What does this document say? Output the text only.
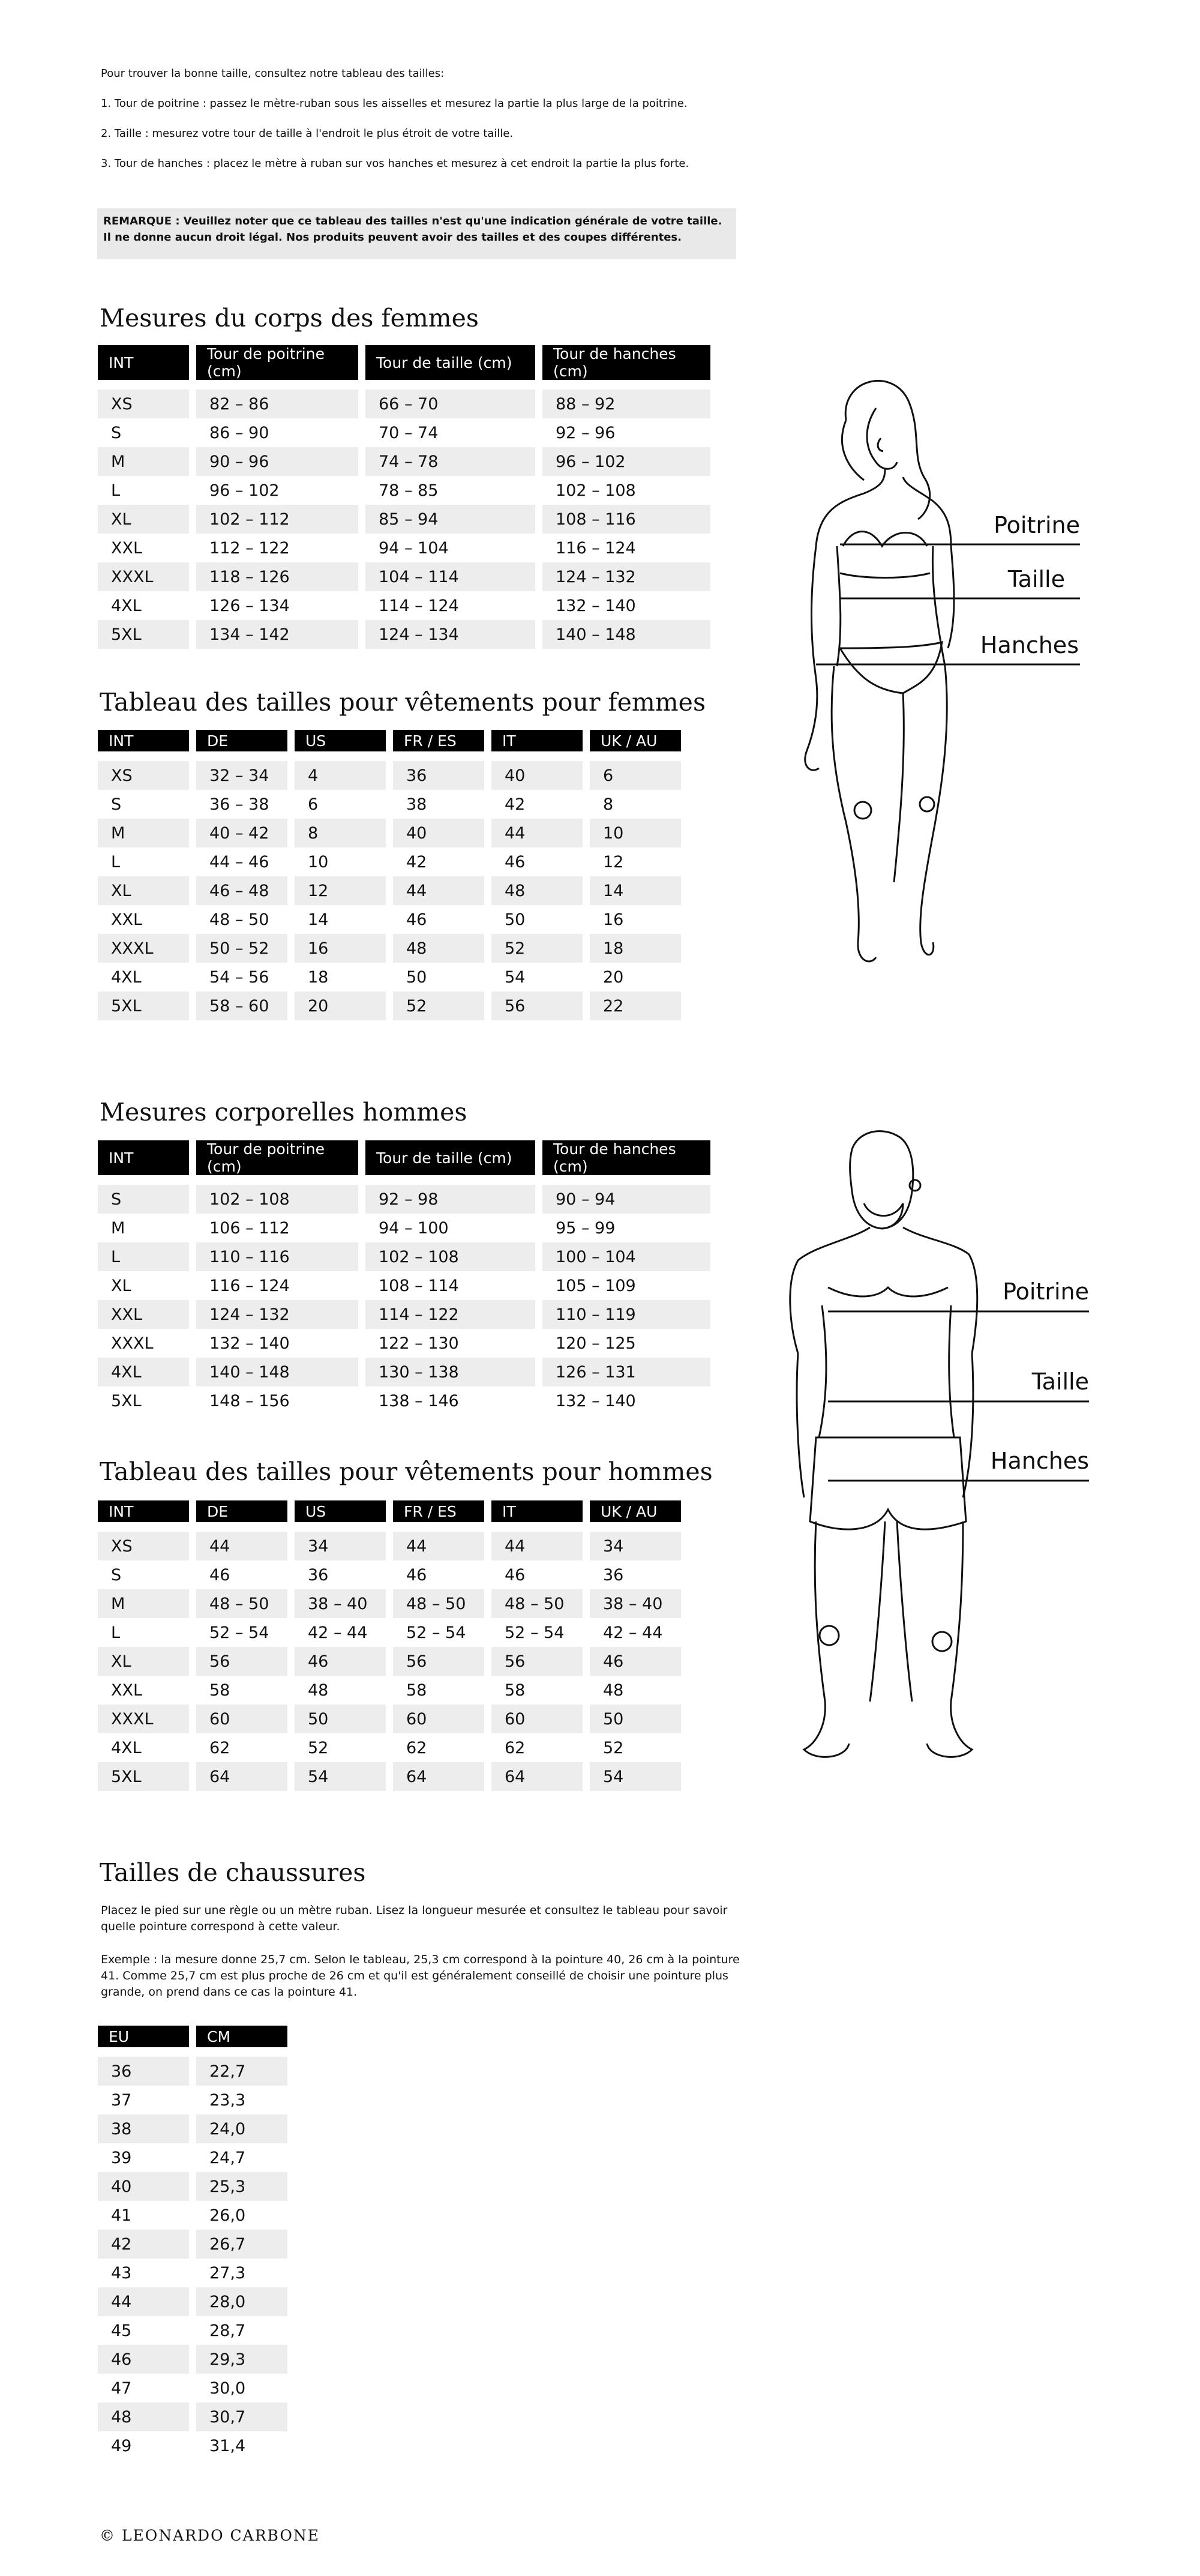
Pour trouver la bonne taille, consultez notre tableau des tailles:

1. Tour de poitrine : passez le mètre-ruban sous les aisselles et mesurez la partie la plus large de la poitrine.

2. Taille : mesurez votre tour de taille à l'endroit le plus étroit de votre taille.

3. Tour de hanches : placez le mètre à ruban sur vos hanches et mesurez à cet endroit la partie la plus forte.

REMARQUE : Veuillez noter que ce tableau des tailles n'est qu'une indication générale de votre taille. Il ne donne aucun droit légal. Nos produits peuvent avoir des tailles et des coupes différentes.
Mesures du corps des femmes
INT	Tour de poitrine (cm)	Tour de taille (cm)	Tour de hanches (cm)
XS	82 – 86	66 – 70	88 – 92
S	86 – 90	70 – 74	92 – 96
M	90 – 96	74 – 78	96 – 102
L	96 – 102	78 – 85	102 – 108
XL	102 – 112	85 – 94	108 – 116
XXL	112 – 122	94 – 104	116 – 124
XXXL	118 – 126	104 – 114	124 – 132
4XL	126 – 134	114 – 124	132 – 140
5XL	134 – 142	124 – 134	140 – 148
Tableau des tailles pour vêtements pour femmes
INT	DE	US	FR / ES	IT	UK / AU
XS	32 – 34	4	36	40	6
S	36 – 38	6	38	42	8
M	40 – 42	8	40	44	10
L	44 – 46	10	42	46	12
XL	46 – 48	12	44	48	14
XXL	48 – 50	14	46	50	16
XXXL	50 – 52	16	48	52	18
4XL	54 – 56	18	50	54	20
5XL	58 – 60	20	52	56	22
Mesures corporelles hommes
INT	Tour de poitrine (cm)	Tour de taille (cm)	Tour de hanches (cm)
S	102 – 108	92 – 98	90 – 94
M	106 – 112	94 – 100	95 – 99
L	110 – 116	102 – 108	100 – 104
XL	116 – 124	108 – 114	105 – 109
XXL	124 – 132	114 – 122	110 – 119
XXXL	132 – 140	122 – 130	120 – 125
4XL	140 – 148	130 – 138	126 – 131
5XL	148 – 156	138 – 146	132 – 140
Tableau des tailles pour vêtements pour hommes
INT	DE	US	FR / ES	IT	UK / AU
XS	44	34	44	44	34
S	46	36	46	46	36
M	48 – 50	38 – 40	48 – 50	48 – 50	38 – 40
L	52 – 54	42 – 44	52 – 54	52 – 54	42 – 44
XL	56	46	56	56	46
XXL	58	48	58	58	48
XXXL	60	50	60	60	50
4XL	62	52	62	62	52
5XL	64	54	64	64	54
Tailles de chaussures

Placez le pied sur une règle ou un mètre ruban. Lisez la longueur mesurée et consultez le tableau pour savoir quelle pointure correspond à cette valeur.

Exemple : la mesure donne 25,7 cm. Selon le tableau, 25,3 cm correspond à la pointure 40, 26 cm à la pointure 41. Comme 25,7 cm est plus proche de 26 cm et qu'il est généralement conseillé de choisir une pointure plus grande, on prend dans ce cas la pointure 41.

EU	CM
36	22,7
37	23,3
38	24,0
39	24,7
40	25,3
41	26,0
42	26,7
43	27,3
44	28,0
45	28,7
46	29,3
47	30,0
48	30,7
49	31,4
© LEONARDO CARBONE
Poitrine
Taille
Hanches
Poitrine
Taille
Hanches
